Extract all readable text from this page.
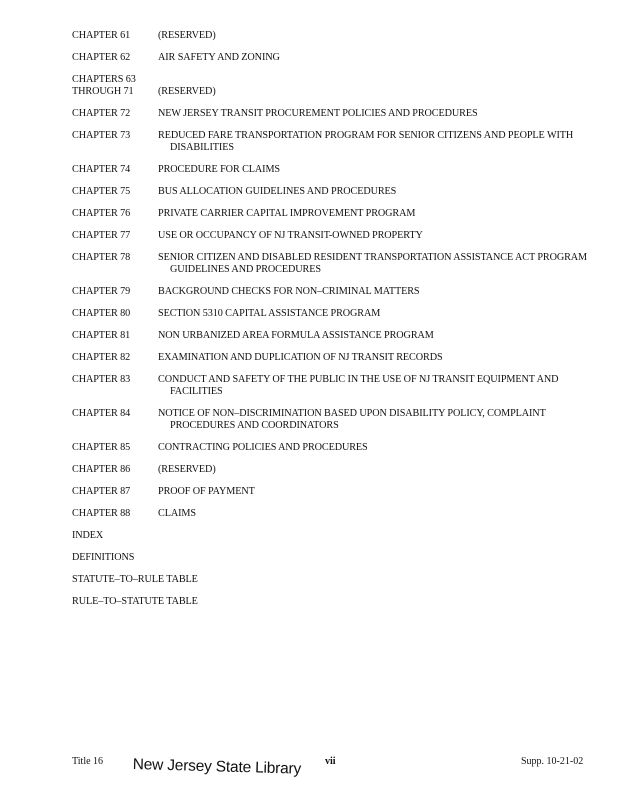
CHAPTER 61	(RESERVED)
CHAPTER 62	AIR SAFETY AND ZONING
CHAPTERS 63
THROUGH 71	(RESERVED)
CHAPTER 72	NEW JERSEY TRANSIT PROCUREMENT POLICIES AND PROCEDURES
CHAPTER 73	REDUCED FARE TRANSPORTATION PROGRAM FOR SENIOR CITIZENS AND PEOPLE WITH DISABILITIES
CHAPTER 74	PROCEDURE FOR CLAIMS
CHAPTER 75	BUS ALLOCATION GUIDELINES AND PROCEDURES
CHAPTER 76	PRIVATE CARRIER CAPITAL IMPROVEMENT PROGRAM
CHAPTER 77	USE OR OCCUPANCY OF NJ TRANSIT-OWNED PROPERTY
CHAPTER 78	SENIOR CITIZEN AND DISABLED RESIDENT TRANSPORTATION ASSISTANCE ACT PROGRAM GUIDELINES AND PROCEDURES
CHAPTER 79	BACKGROUND CHECKS FOR NON–CRIMINAL MATTERS
CHAPTER 80	SECTION 5310 CAPITAL ASSISTANCE PROGRAM
CHAPTER 81	NON URBANIZED AREA FORMULA ASSISTANCE PROGRAM
CHAPTER 82	EXAMINATION AND DUPLICATION OF NJ TRANSIT RECORDS
CHAPTER 83	CONDUCT AND SAFETY OF THE PUBLIC IN THE USE OF NJ TRANSIT EQUIPMENT AND FACILITIES
CHAPTER 84	NOTICE OF NON–DISCRIMINATION BASED UPON DISABILITY POLICY, COMPLAINT PROCEDURES AND COORDINATORS
CHAPTER 85	CONTRACTING POLICIES AND PROCEDURES
CHAPTER 86	(RESERVED)
CHAPTER 87	PROOF OF PAYMENT
CHAPTER 88	CLAIMS
INDEX
DEFINITIONS
STATUTE–TO–RULE TABLE
RULE–TO–STATUTE TABLE
Title 16 New Jersey State Library vii	Supp. 10-21-02
